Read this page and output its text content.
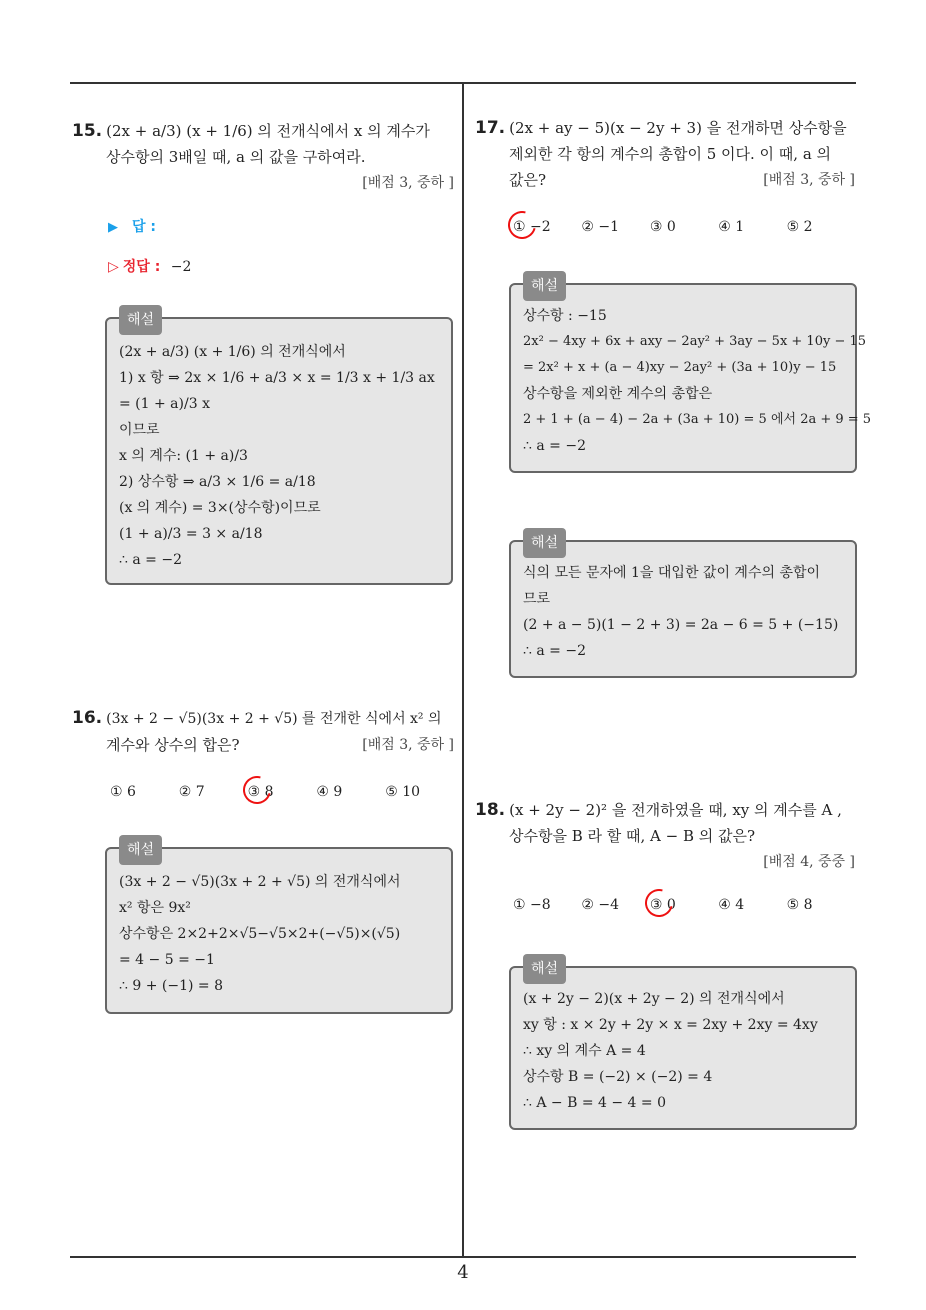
15. (2x + a/3) (x + 1/6) 의 전개식에서 x 의 계수가
상수항의 3배일 때, a 의 값을 구하여라.
[배점 3, 중하 ]
▶ 답 :
▷ 정답 : −2
해설
(2x + a/3) (x + 1/6) 의 전개식에서
1) x 항 ⇒ 2x × 1/6 + a/3 × x = 1/3 x + 1/3 ax = (1 + a)/3 x
이므로
x 의 계수: (1 + a)/3
2) 상수항 ⇒ a/3 × 1/6 = a/18
(x 의 계수) = 3×(상수항)이므로
(1 + a)/3 = 3 × a/18
∴ a = −2
16. (3x + 2 − √5)(3x + 2 + √5) 를 전개한 식에서 x² 의
계수와 상수의 합은?	[배점 3, 중하 ]
① 6	② 7	③ 8	④ 9	⑤ 10
해설
(3x + 2 − √5)(3x + 2 + √5) 의 전개식에서
x² 항은 9x²
상수항은 2×2+2×√5−√5×2+(−√5)×(√5)
= 4 − 5 = −1
∴ 9 + (−1) = 8
17. (2x + ay − 5)(x − 2y + 3) 을 전개하면 상수항을
제외한 각 항의 계수의 총합이 5 이다. 이 때, a 의
값은?	[배점 3, 중하 ]
① −2	② −1	③ 0	④ 1	⑤ 2
해설
상수항 : −15
2x² − 4xy + 6x + axy − 2ay² + 3ay − 5x + 10y − 15
= 2x² + x + (a − 4)xy − 2ay² + (3a + 10)y − 15
상수항을 제외한 계수의 총합은
2 + 1 + (a − 4) − 2a + (3a + 10) = 5 에서 2a + 9 = 5
∴ a = −2
해설
식의 모든 문자에 1을 대입한 값이 계수의 총합이
므로
(2 + a − 5)(1 − 2 + 3) = 2a − 6 = 5 + (−15)
∴ a = −2
18. (x + 2y − 2)² 을 전개하였을 때, xy 의 계수를 A ,
상수항을 B 라 할 때, A − B 의 값은?
[배점 4, 중중 ]
① −8	② −4	③ 0	④ 4	⑤ 8
해설
(x + 2y − 2)(x + 2y − 2) 의 전개식에서
xy 항 : x × 2y + 2y × x = 2xy + 2xy = 4xy
∴ xy 의 계수 A = 4
상수항 B = (−2) × (−2) = 4
∴ A − B = 4 − 4 = 0
4
